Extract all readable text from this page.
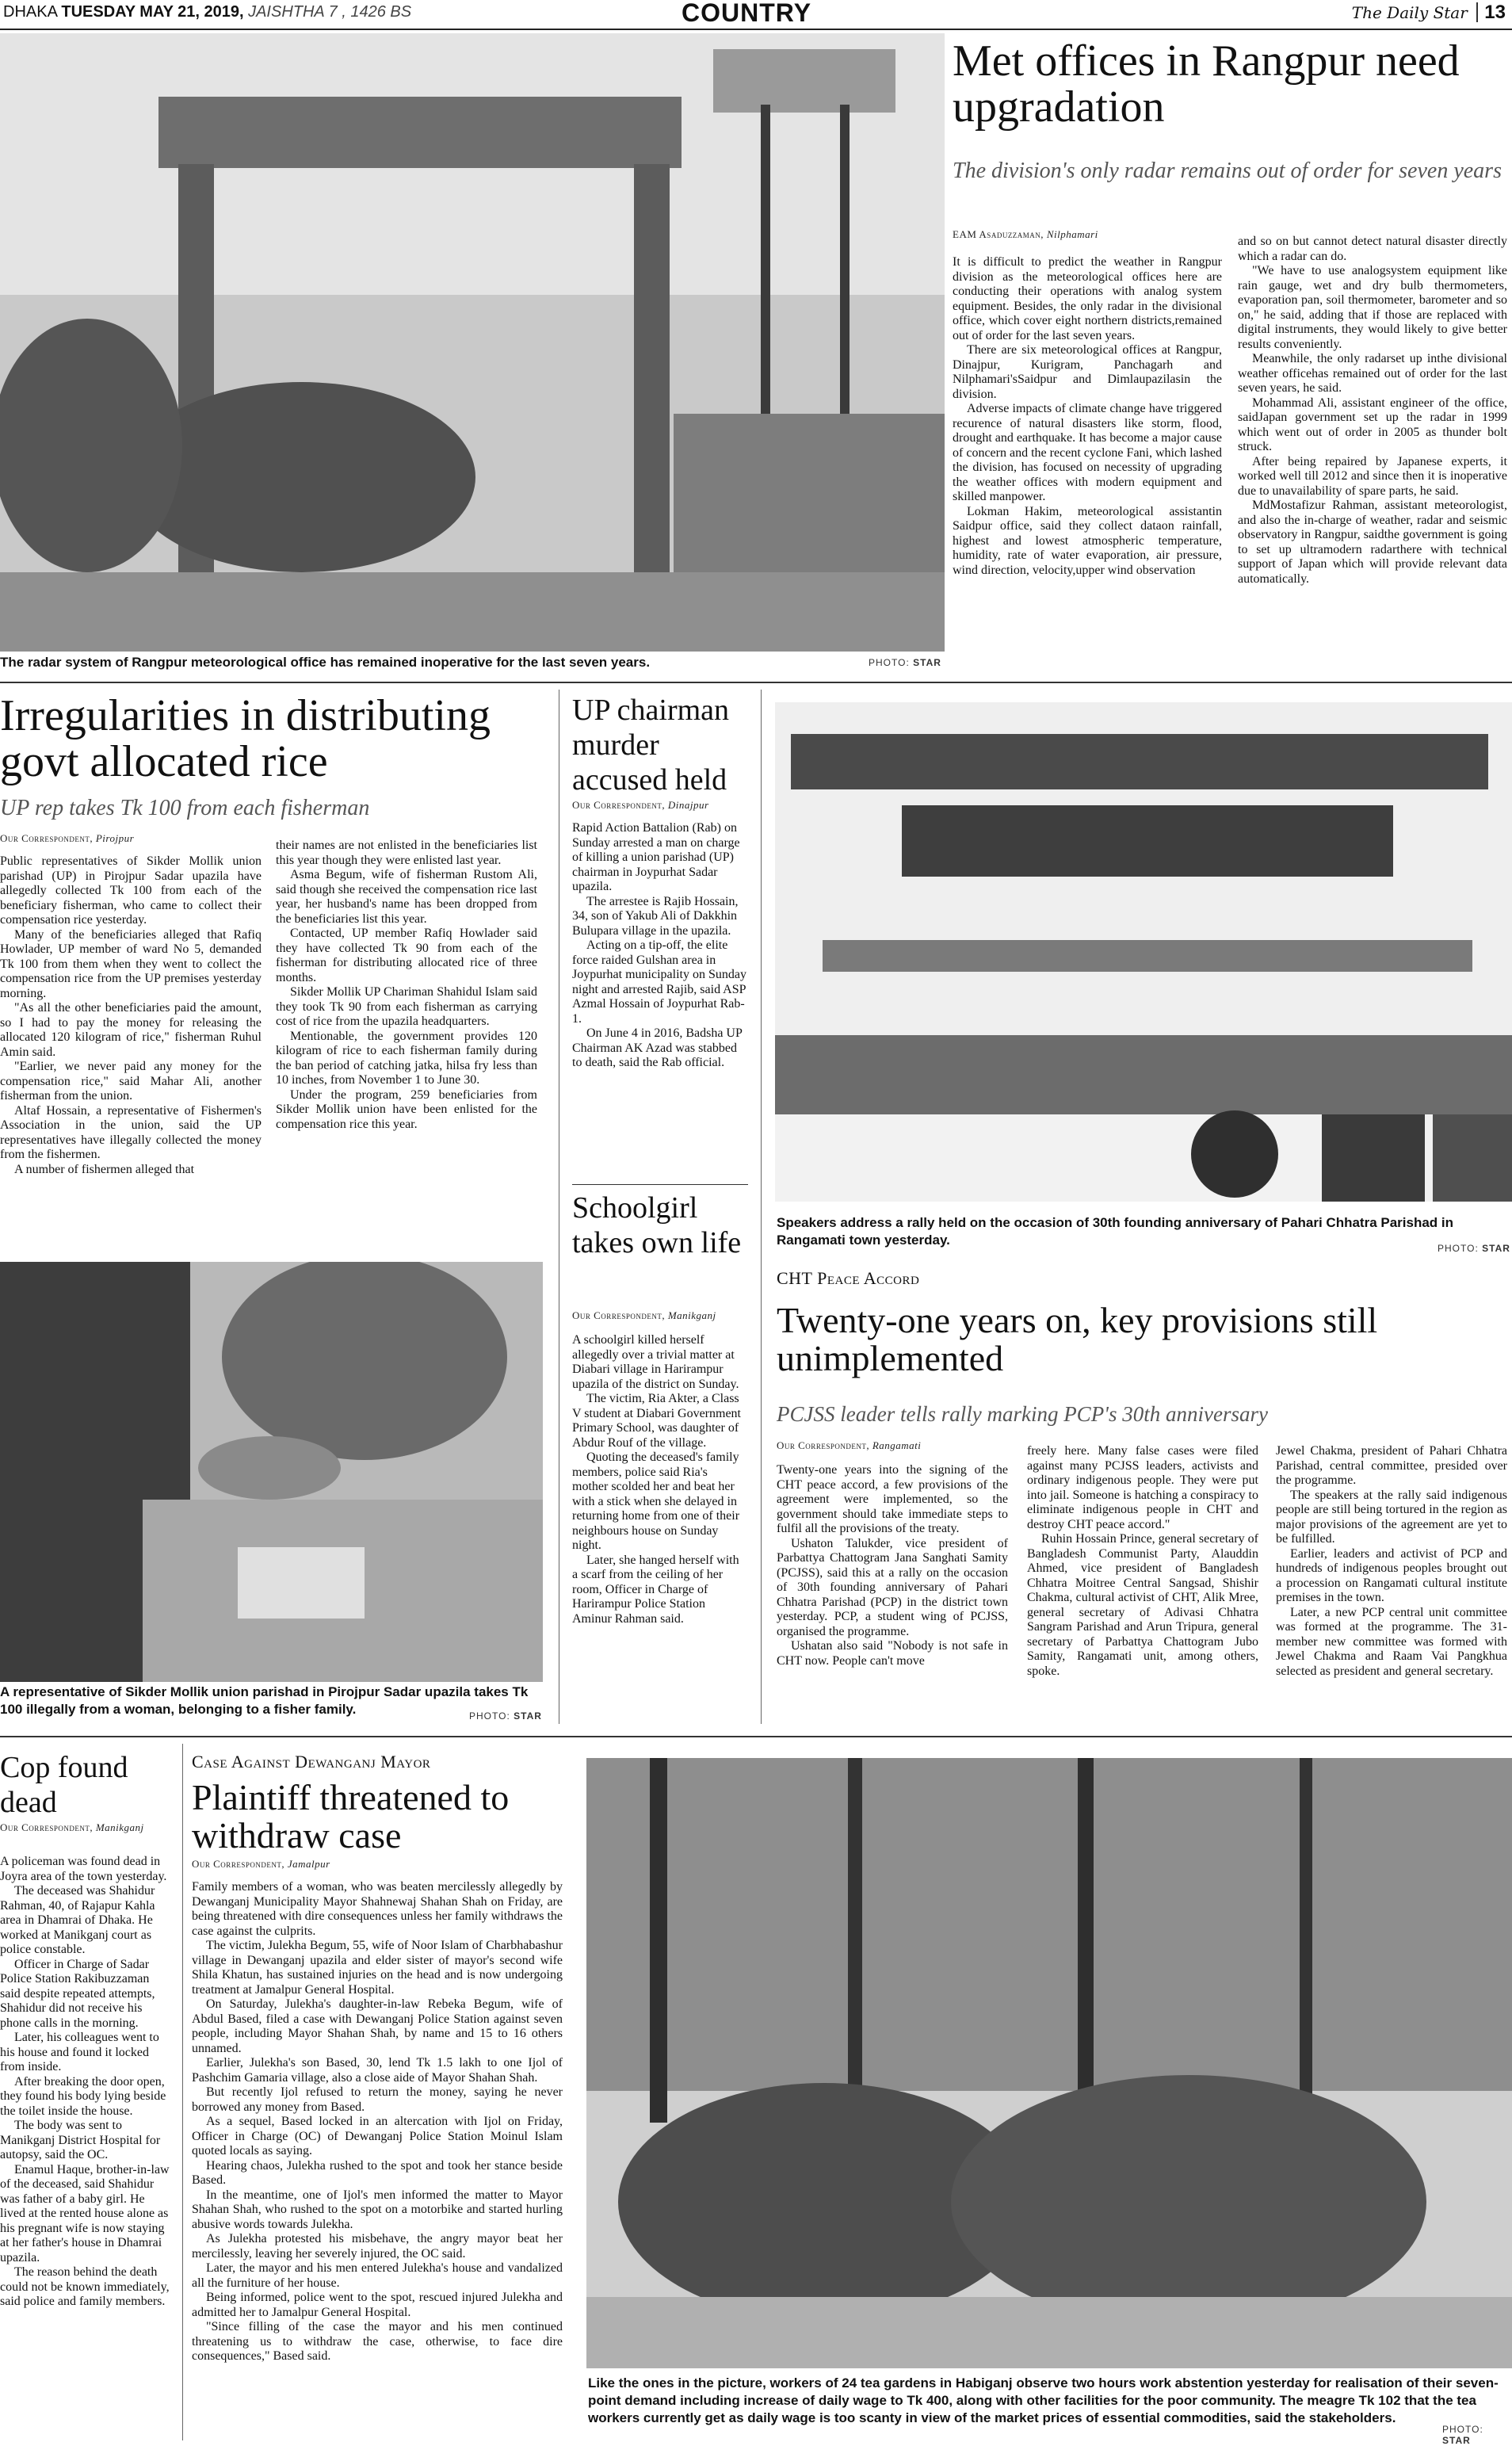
DHAKA TUESDAY MAY 21, 2019, JAISHTHA 7 , 1426 BS	COUNTRY	The Daily Star 13
The radar system of Rangpur meteorological office has remained inoperative for the last seven years.	PHOTO: STAR
Met offices in Rangpur need upgradation
The division's only radar remains out of order for seven years
EAM Asaduzzaman, Nilphamari

It is difficult to predict the weather in Rangpur division as the meteorological offices here are conducting their operations with analog system equipment. Besides, the only radar in the divisional office, which cover eight northern districts,remained out of order for the last seven years.

There are six meteorological offices at Rangpur, Dinajpur, Kurigram, Panchagarh and Nilphamari'sSaidpur and Dimlaupazilasin the division.

Adverse impacts of climate change have triggered recurence of natural disasters like storm, flood, drought and earthquake. It has become a major cause of concern and the recent cyclone Fani, which lashed the division, has focused on necessity of upgrading the weather offices with modern equipment and skilled manpower.

Lokman Hakim, meteorological assistantin Saidpur office, said they collect dataon rainfall, highest and lowest atmospheric temperature, humidity, rate of water evaporation, air pressure, wind direction, velocity,upper wind observation

and so on but cannot detect natural disaster directly which a radar can do.

"We have to use analogsystem equipment like rain gauge, wet and dry bulb thermometers, evaporation pan, soil thermometer, barometer and so on," he said, adding that if those are replaced with digital instruments, they would likely to give better results conveniently.

Meanwhile, the only radarset up inthe divisional weather officehas remained out of order for the last seven years, he said.

Mohammad Ali, assistant engineer of the office, saidJapan government set up the radar in 1999 which went out of order in 2005 as thunder bolt struck.

After being repaired by Japanese experts, it worked well till 2012 and since then it is inoperative due to unavailability of spare parts, he said.

MdMostafizur Rahman, assistant meteorologist, and also the in-charge of weather, radar and seismic observatory in Rangpur, saidthe government is going to set up ultramodern radarthere with technical support of Japan which will provide relevant data automatically.

Irregularities in distributing govt allocated rice
UP rep takes Tk 100 from each fisherman
Our Correspondent, Pirojpur

Public representatives of Sikder Mollik union parishad (UP) in Pirojpur Sadar upazila have allegedly collected Tk 100 from each of the beneficiary fisherman, who came to collect their compensation rice yesterday.

Many of the beneficiaries alleged that Rafiq Howlader, UP member of ward No 5, demanded Tk 100 from them when they went to collect the compensation rice from the UP premises yesterday morning.

"As all the other beneficiaries paid the amount, so I had to pay the money for releasing the allocated 120 kilogram of rice," fisherman Ruhul Amin said.

"Earlier, we never paid any money for the compensation rice," said Mahar Ali, another fisherman from the union.

Altaf Hossain, a representative of Fishermen's Association in the union, said the UP representatives have illegally collected the money from the fishermen.

A number of fishermen alleged that

their names are not enlisted in the beneficiaries list this year though they were enlisted last year.

Asma Begum, wife of fisherman Rustom Ali, said though she received the compensation rice last year, her husband's name has been dropped from the beneficiaries list this year.

Contacted, UP member Rafiq Howlader said they have collected Tk 90 from each of the fisherman for distributing allocated rice of three months.

Sikder Mollik UP Chariman Shahidul Islam said they took Tk 90 from each fisherman as carrying cost of rice from the upazila headquarters.

Mentionable, the government provides 120 kilogram of rice to each fisherman family during the ban period of catching jatka, hilsa fry less than 10 inches, from November 1 to June 30.

Under the program, 259 beneficiaries from Sikder Mollik union have been enlisted for the compensation rice this year.

A representative of Sikder Mollik union parishad in Pirojpur Sadar upazila takes Tk 100 illegally from a woman, belonging to a fisher family.	PHOTO: STAR
UP chairman murder accused held
Our Correspondent, Dinajpur

Rapid Action Battalion (Rab) on Sunday arrested a man on charge of killing a union parishad (UP) chairman in Joypurhat Sadar upazila.

The arrestee is Rajib Hossain, 34, son of Yakub Ali of Dakkhin Bulupara village in the upazila.

Acting on a tip-off, the elite force raided Gulshan area in Joypurhat municipality on Sunday night and arrested Rajib, said ASP Azmal Hossain of Joypurhat Rab-1.

On June 4 in 2016, Badsha UP Chairman AK Azad was stabbed to death, said the Rab official.

Schoolgirl takes own life
Our Correspondent, Manikganj

A schoolgirl killed herself allegedly over a trivial matter at Diabari village in Harirampur upazila of the district on Sunday.

The victim, Ria Akter, a Class V student at Diabari Government Primary School, was daughter of Abdur Rouf of the village.

Quoting the deceased's family members, police said Ria's mother scolded her and beat her with a stick when she delayed in returning home from one of their neighbours house on Sunday night.

Later, she hanged herself with a scarf from the ceiling of her room, Officer in Charge of Harirampur Police Station Aminur Rahman said.

Speakers address a rally held on the occasion of 30th founding anniversary of Pahari Chhatra Parishad in Rangamati town yesterday.
PHOTO: STAR
CHT Peace Accord
Twenty-one years on, key provisions still unimplemented
PCJSS leader tells rally marking PCP's 30th anniversary
Our Correspondent, Rangamati

Twenty-one years into the signing of the CHT peace accord, a few provisions of the agreement were implemented, so the government should take immediate steps to fulfil all the provisions of the treaty.

Ushaton Talukder, vice president of Parbattya Chattogram Jana Sanghati Samity (PCJSS), said this at a rally on the occasion of 30th founding anniversary of Pahari Chhatra Parishad (PCP) in the district town yesterday. PCP, a student wing of PCJSS, organised the programme.

Ushatan also said "Nobody is not safe in CHT now. People can't move

freely here. Many false cases were filed against many PCJSS leaders, activists and ordinary indigenous people. They were put into jail. Someone is hatching a conspiracy to eliminate indigenous people in CHT and destroy CHT peace accord."

Ruhin Hossain Prince, general secretary of Bangladesh Communist Party, Alauddin Ahmed, vice president of Bangladesh Chhatra Moitree Central Sangsad, Shishir Chakma, cultural activist of CHT, Alik Mree, general secretary of Adivasi Chhatra Sangram Parishad and Arun Tripura, general secretary of Parbattya Chattogram Jubo Samity, Rangamati unit, among others, spoke.

Jewel Chakma, president of Pahari Chhatra Parishad, central committee, presided over the programme.

The speakers at the rally said indigenous people are still being tortured in the region as major provisions of the agreement are yet to be fulfilled.

Earlier, leaders and activist of PCP and hundreds of indigenous peoples brought out a procession on Rangamati cultural institute premises in the town.

Later, a new PCP central unit committee was formed at the programme. The 31-member new committee was formed with Jewel Chakma and Raam Vai Pangkhua selected as president and general secretary.

Cop found dead
Our Correspondent, Manikganj

A policeman was found dead in Joyra area of the town yesterday.

The deceased was Shahidur Rahman, 40, of Rajapur Kahla area in Dhamrai of Dhaka. He worked at Manikganj court as police constable.

Officer in Charge of Sadar Police Station Rakibuzzaman said despite repeated attempts, Shahidur did not receive his phone calls in the morning.

Later, his colleagues went to his house and found it locked from inside.

After breaking the door open, they found his body lying beside the toilet inside the house.

The body was sent to Manikganj District Hospital for autopsy, said the OC.

Enamul Haque, brother-in-law of the deceased, said Shahidur was father of a baby girl. He lived at the rented house alone as his pregnant wife is now staying at her father's house in Dhamrai upazila.

The reason behind the death could not be known immediately, said police and family members.

Case Against Dewanganj Mayor
Plaintiff threatened to withdraw case
Our Correspondent, Jamalpur

Family members of a woman, who was beaten mercilessly allegedly by Dewanganj Municipality Mayor Shahnewaj Shahan Shah on Friday, are being threatened with dire consequences unless her family withdraws the case against the culprits.

The victim, Julekha Begum, 55, wife of Noor Islam of Charbhabashur village in Dewanganj upazila and elder sister of mayor's second wife Shila Khatun, has sustained injuries on the head and is now undergoing treatment at Jamalpur General Hospital.

On Saturday, Julekha's daughter-in-law Rebeka Begum, wife of Abdul Based, filed a case with Dewanganj Police Station against seven people, including Mayor Shahan Shah, by name and 15 to 16 others unnamed.

Earlier, Julekha's son Based, 30, lend Tk 1.5 lakh to one Ijol of Pashchim Gamaria village, also a close aide of Mayor Shahan Shah.

But recently Ijol refused to return the money, saying he never borrowed any money from Based.

As a sequel, Based locked in an altercation with Ijol on Friday, Officer in Charge (OC) of Dewanganj Police Station Moinul Islam quoted locals as saying.

Hearing chaos, Julekha rushed to the spot and took her stance beside Based.

In the meantime, one of Ijol's men informed the matter to Mayor Shahan Shah, who rushed to the spot on a motorbike and started hurling abusive words towards Julekha.

As Julekha protested his misbehave, the angry mayor beat her mercilessly, leaving her severely injured, the OC said.

Later, the mayor and his men entered Julekha's house and vandalized all the furniture of her house.

Being informed, police went to the spot, rescued injured Julekha and admitted her to Jamalpur General Hospital.

"Since filling of the case the mayor and his men continued threatening us to withdraw the case, otherwise, to face dire consequences," Based said.

Like the ones in the picture, workers of 24 tea gardens in Habiganj observe two hours work abstention yesterday for realisation of their seven-point demand including increase of daily wage to Tk 400, along with other facilities for the poor community. The meagre Tk 102 that the tea workers currently get as daily wage is too scanty in view of the market prices of essential commodities, said the stakeholders.
PHOTO: STAR
